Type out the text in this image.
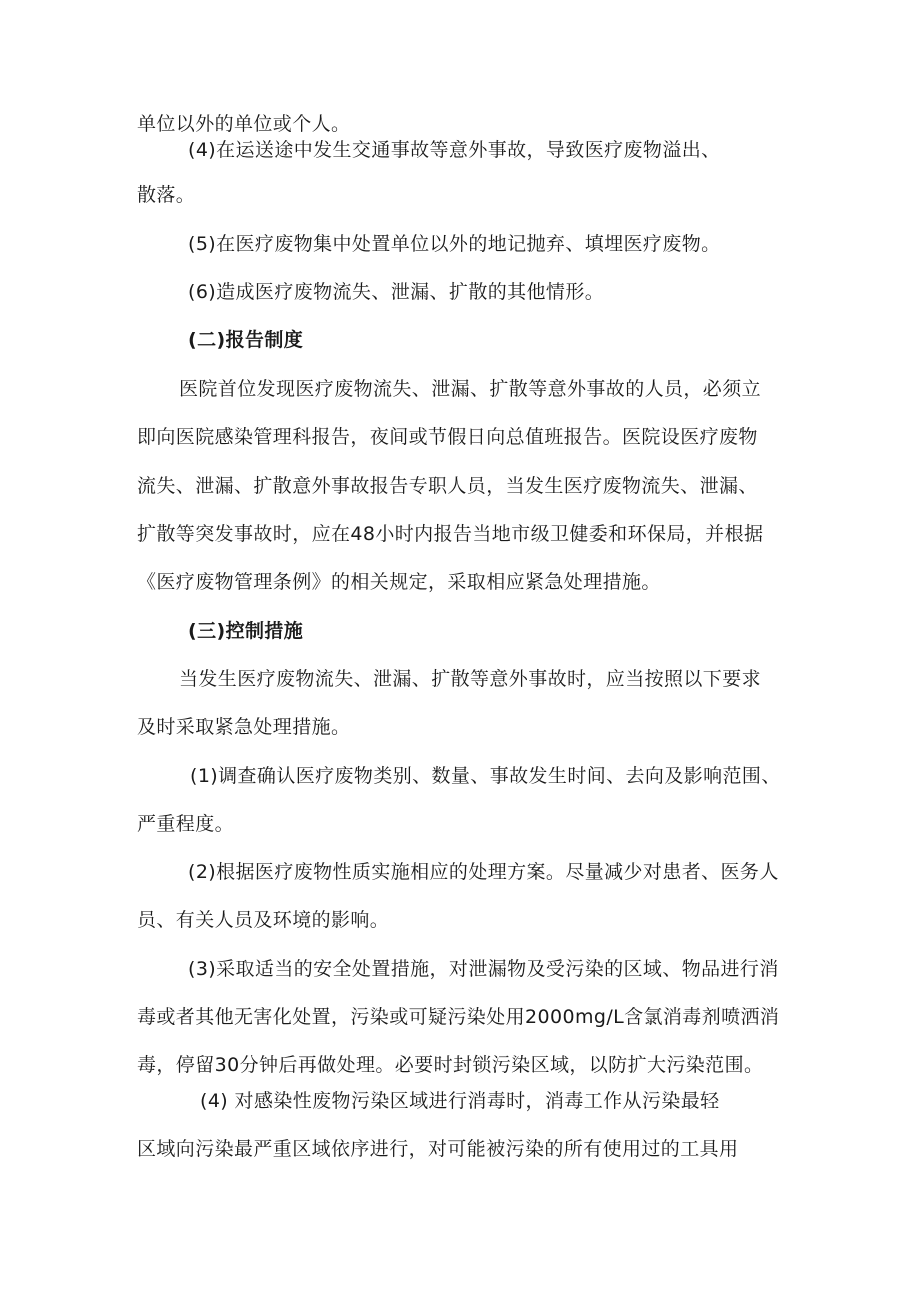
单位以外的单位或个人。
(4)在运送途中发生交通事故等意外事故，导致医疗废物溢出、
散落。
(5)在医疗废物集中处置单位以外的地记抛弃、填埋医疗废物。
(6)造成医疗废物流失、泄漏、扩散的其他情形。
(二)报告制度
医院首位发现医疗废物流失、泄漏、扩散等意外事故的人员，必须立
即向医院感染管理科报告，夜间或节假日向总值班报告。医院设医疗废物
流失、泄漏、扩散意外事故报告专职人员，当发生医疗废物流失、泄漏、
扩散等突发事故时，应在48小时内报告当地市级卫健委和环保局，并根据
《医疗废物管理条例》的相关规定，采取相应紧急处理措施。
(三)控制措施
当发生医疗废物流失、泄漏、扩散等意外事故时，应当按照以下要求
及时采取紧急处理措施。
(1)调查确认医疗废物类别、数量、事故发生时间、去向及影响范围、
严重程度。
(2)根据医疗废物性质实施相应的处理方案。尽量减少对患者、医务人
员、有关人员及环境的影响。
(3)采取适当的安全处置措施，对泄漏物及受污染的区域、物品进行消
毒或者其他无害化处置，污染或可疑污染处用2000mg/L含氯消毒剂喷洒消
毒，停留30分钟后再做处理。必要时封锁污染区域，以防扩大污染范围。
(4) 对感染性废物污染区域进行消毒时，消毒工作从污染最轻
区域向污染最严重区域依序进行，对可能被污染的所有使用过的工具用
